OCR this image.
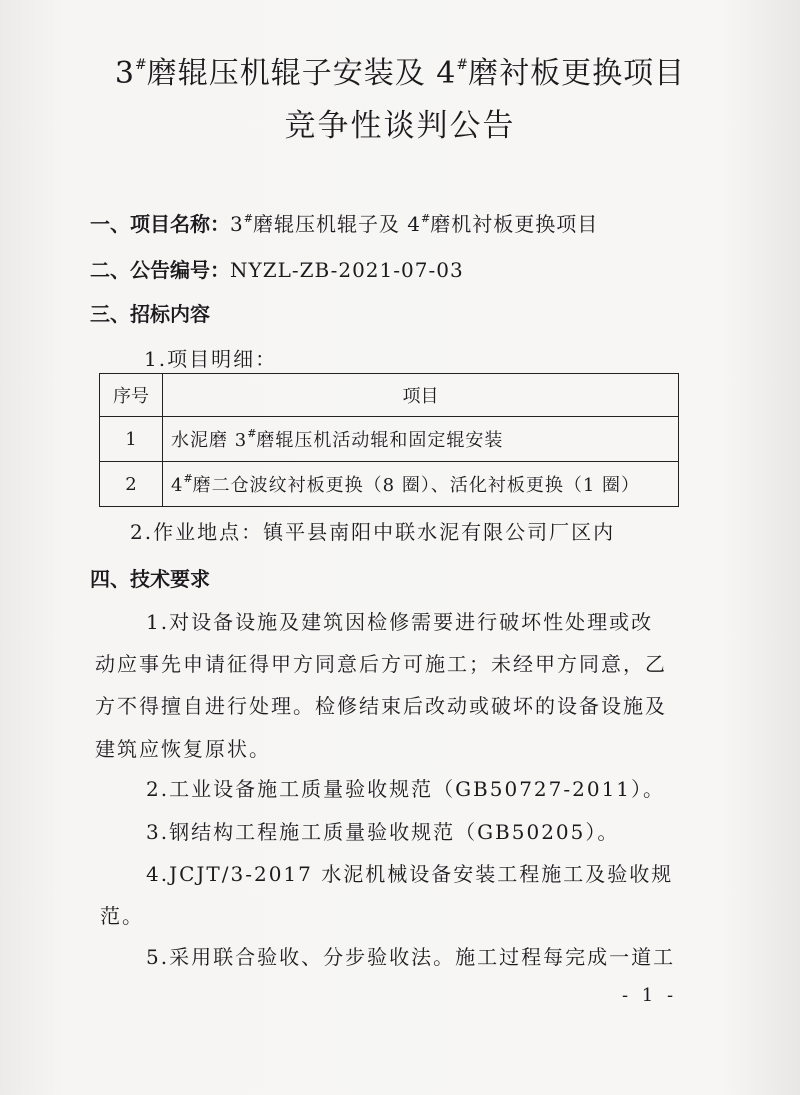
3#磨辊压机辊子安装及 4#磨衬板更换项目
竞争性谈判公告
一、项目名称：3#磨辊压机辊子及 4#磨机衬板更换项目
二、公告编号：NYZL-ZB-2021-07-03
三、招标内容
1.项目明细：
序号	项目
1	水泥磨 3#磨辊压机活动辊和固定辊安装
2	4#磨二仓波纹衬板更换（8 圈）、活化衬板更换（1 圈）
2.作业地点：镇平县南阳中联水泥有限公司厂区内
四、技术要求
1.对设备设施及建筑因检修需要进行破坏性处理或改
动应事先申请征得甲方同意后方可施工；未经甲方同意，乙
方不得擅自进行处理。检修结束后改动或破坏的设备设施及
建筑应恢复原状。
2.工业设备施工质量验收规范（GB50727-2011）。
3.钢结构工程施工质量验收规范（GB50205）。
4.JCJT/3-2017 水泥机械设备安装工程施工及验收规
范。
5.采用联合验收、分步验收法。施工过程每完成一道工
- 1 -
